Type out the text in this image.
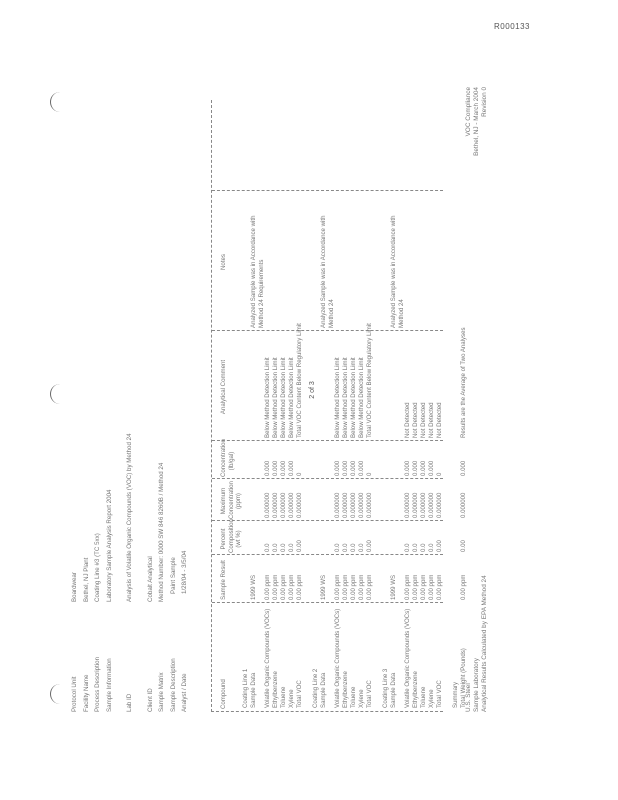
R000133
2 of 3
Protocol Unit
Boardwear
Facility Name
Bethel, NJ Plant
Process Description
Coating Line #3 (TC 5xx)
Sample Information
Laboratory Sample Analysis Report 2004
Lab ID
Analysis of Volatile Organic Compounds (VOC) by Method 24
Client ID
Cobalt Analytical
Sample Matrix
Method Number: 0000 SW 846 8260B / Method 24
Sample Description
Paint Sample
Analyst / Date
1/28/04 - 3/5/04
Compound
Sample Result
Percent Composition (wt %)
Maximum Concentration (ppm)
Concentration (lb/gal)
Analytical Comment
Notes
Coating Line 1 Sample Data
1999 WS
Analyzed Sample was in Accordance with Method 24 Requirements
Volatile Organic Compounds (VOCs)
0.00 ppm
0.0
0.000000
0.000
Below Method Detection Limit
Ethylbenzene
0.00 ppm
0.0
0.000000
0.000
Below Method Detection Limit
Toluene
0.00 ppm
0.0
0.000000
0.000
Below Method Detection Limit
Xylene
0.00 ppm
0.0
0.000000
0.000
Below Method Detection Limit
Total VOC
0.00 ppm
0.00
0.000000
0
Total VOC Content Below Regulatory Limit
Coating Line 2 Sample Data
1999 WS
Analyzed Sample was in Accordance with Method 24
Volatile Organic Compounds (VOCs)
0.00 ppm
0.0
0.000000
0.000
Below Method Detection Limit
Ethylbenzene
0.00 ppm
0.0
0.000000
0.000
Below Method Detection Limit
Toluene
0.00 ppm
0.0
0.000000
0.000
Below Method Detection Limit
Xylene
0.00 ppm
0.0
0.000000
0.000
Below Method Detection Limit
Total VOC
0.00 ppm
0.00
0.000000
0
Total VOC Content Below Regulatory Limit
Coating Line 3 Sample Data
1999 WS
Analyzed Sample was in Accordance with Method 24
Volatile Organic Compounds (VOCs)
0.00 ppm
0.0
0.000000
0.000
Not Detected
Ethylbenzene
0.00 ppm
0.0
0.000000
0.000
Not Detected
Toluene
0.00 ppm
0.0
0.000000
0.000
Not Detected
Xylene
0.00 ppm
0.0
0.000000
0.000
Not Detected
Total VOC
0.00 ppm
0.00
0.000000
0
Not Detected
Summary Total Weight (Pounds)
0.00 ppm
0.00
0.000000
0.000
Results are the Average of Two Analyses
U.S. Steel Sample Laboratory Analytical Results Calculated by EPA Method 24
VOC Compliance Bethel, NJ - March 2004 Revision 0
